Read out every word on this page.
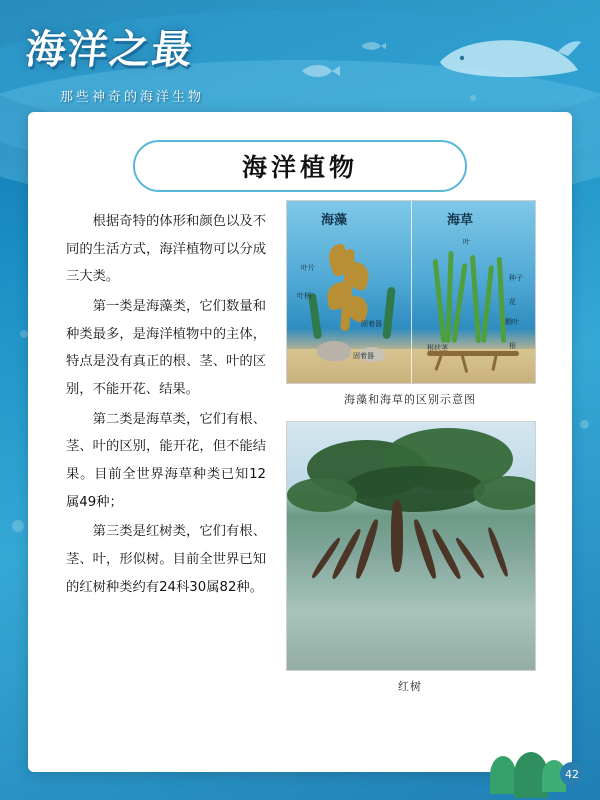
海洋之最
那些神奇的海洋生物
海洋植物

根据奇特的体形和颜色以及不同的生活方式，海洋植物可以分成三大类。

第一类是海藻类，它们数量和种类最多，是海洋植物中的主体，特点是没有真正的根、茎、叶的区别，不能开花、结果。

第二类是海草类，它们有根、茎、叶的区别，能开花，但不能结果。目前全世界海草种类已知12属49种；

第三类是红树类，它们有根、茎、叶，形似树。目前全世界已知的红树种类约有24科30属82种。

海藻	海草
叶片
叶柄
固着器
固着器
叶
种子
花
鞘叶
根状茎	根
海藻和海草的区别示意图
红树
42
